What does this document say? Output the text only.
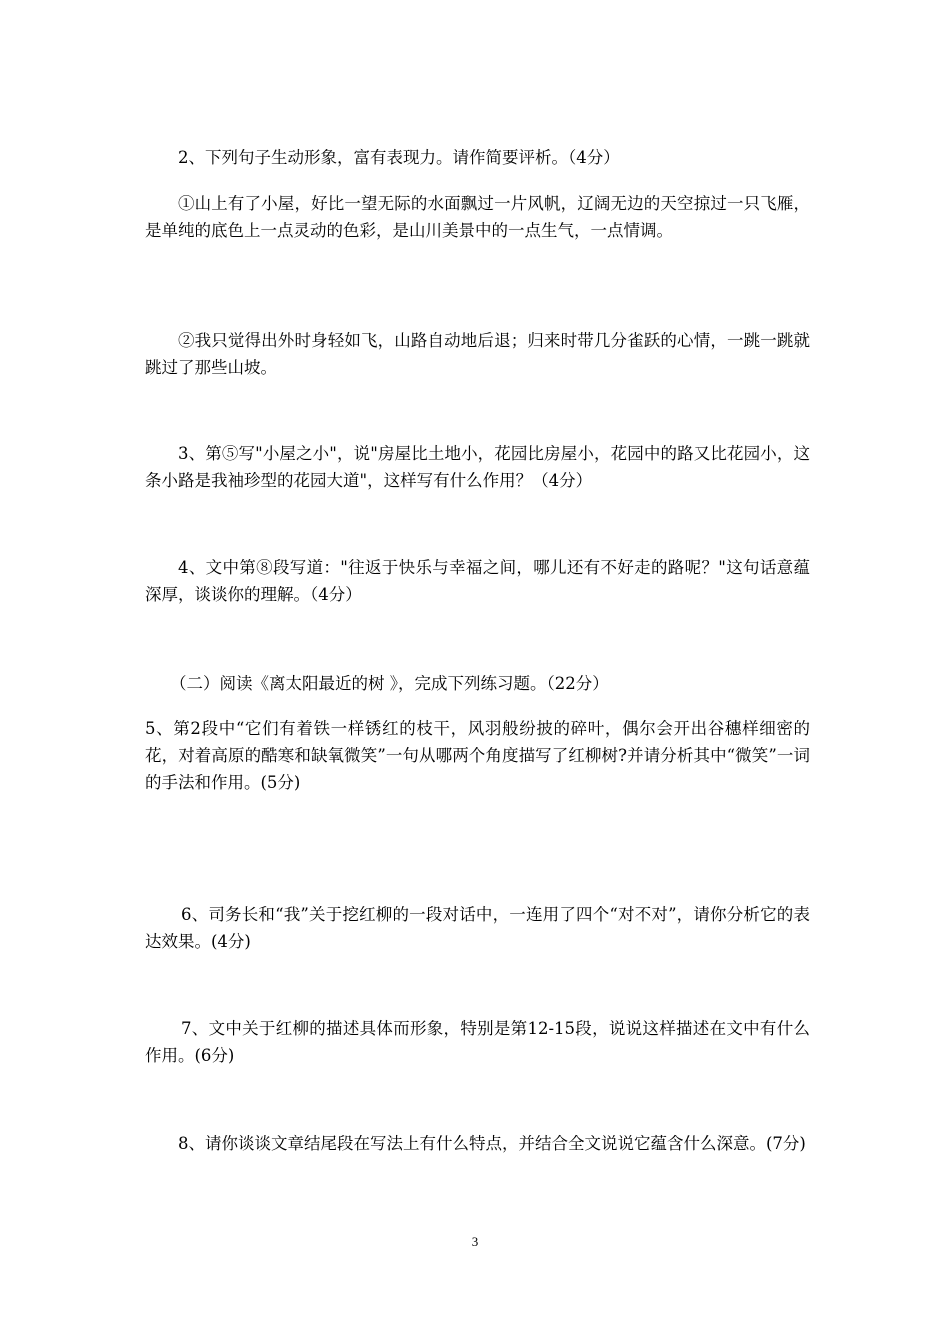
2、下列句子生动形象，富有表现力。请作简要评析。（4分）
①山上有了小屋，好比一望无际的水面飘过一片风帆，辽阔无边的天空掠过一只飞雁，是单纯的底色上一点灵动的色彩，是山川美景中的一点生气，一点情调。
②我只觉得出外时身轻如飞，山路自动地后退；归来时带几分雀跃的心情，一跳一跳就跳过了那些山坡。
3、第⑤写"小屋之小"，说"房屋比土地小，花园比房屋小，花园中的路又比花园小，这条小路是我袖珍型的花园大道"，这样写有什么作用？（4分）
4、文中第⑧段写道："往返于快乐与幸福之间，哪儿还有不好走的路呢？"这句话意蕴深厚，谈谈你的理解。（4分）
（二）阅读《离太阳最近的树 》，完成下列练习题。（22分）
5、第2段中“它们有着铁一样锈红的枝干，风羽般纷披的碎叶，偶尔会开出谷穗样细密的花，对着高原的酷寒和缺氧微笑”一句从哪两个角度描写了红柳树?并请分析其中“微笑”一词的手法和作用。(5分)
6、司务长和“我”关于挖红柳的一段对话中，一连用了四个“对不对”，请你分析它的表达效果。(4分)
7、文中关于红柳的描述具体而形象，特别是第12-15段，说说这样描述在文中有什么作用。(6分)
8、请你谈谈文章结尾段在写法上有什么特点，并结合全文说说它蕴含什么深意。(7分)
3
